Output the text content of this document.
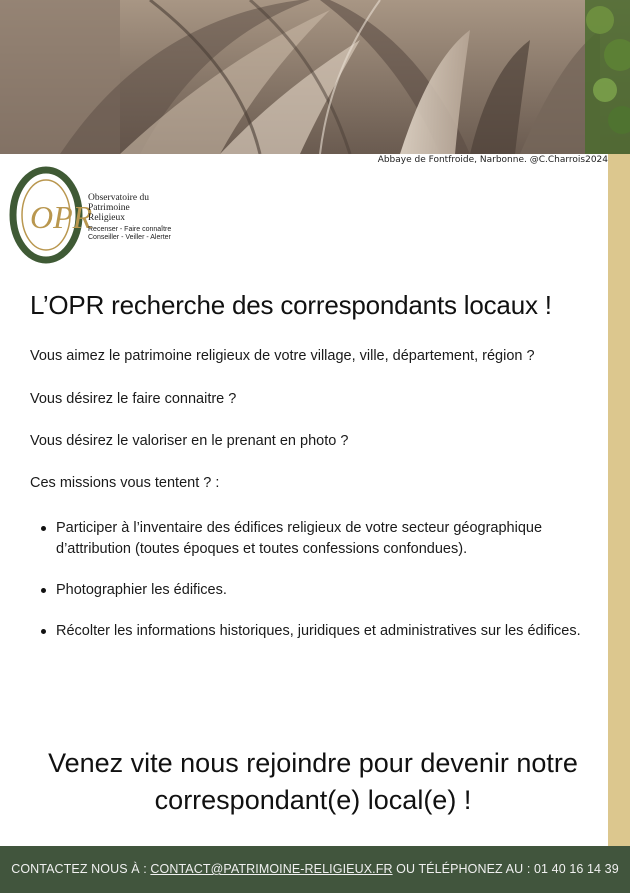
Abbaye de Fontfroide, Narbonne. @C.Charrois2024
OPR
Observatoire du
Patrimoine
Religieux
Recenser - Faire connaître
Conseiller - Veiller - Alerter
L’OPR recherche des correspondants locaux !

Vous aimez le patrimoine religieux de votre village, ville, département, région ?

Vous désirez le faire connaitre ?

Vous désirez le valoriser en le prenant en photo ?

Ces missions vous tentent ? :

Participer à l’inventaire des édifices religieux de votre secteur géographique d’attribution (toutes époques et toutes confessions confondues).
Photographier les édifices.
Récolter les informations historiques, juridiques et administratives sur les édifices.
Venez vite nous rejoindre pour devenir notre
correspondant(e) local(e) !
CONTACTEZ NOUS À : CONTACT@PATRIMOINE-RELIGIEUX.FR OU TÉLÉPHONEZ AU : 01 40 16 14 39
